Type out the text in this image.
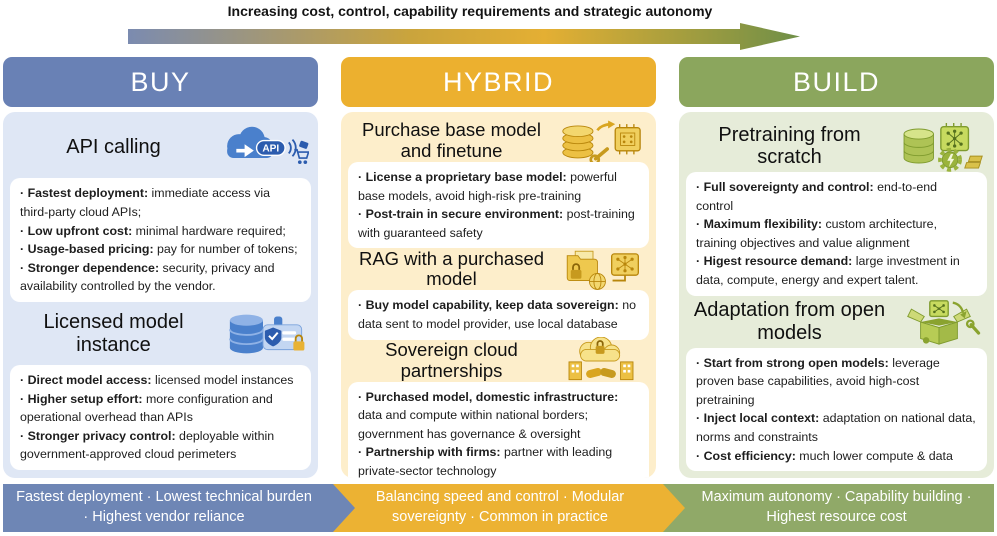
Increasing cost, control, capability requirements and strategic autonomy
BUY
API calling	API

· Fastest deployment: immediate access via third-party cloud APIs;

· Low upfront cost: minimal hardware required;

· Usage-based pricing: pay for number of tokens;

· Stronger dependence: security, privacy and availability controlled by the vendor.

Licensed model instance

· Direct model access: licensed model instances

· Higher setup effort: more configuration and operational overhead than APIs

· Stronger privacy control: deployable within government-approved cloud perimeters

HYBRID
Purchase base model and finetune

· License a proprietary base model: powerful base models, avoid high-risk pre-training

· Post-train in secure environment: post-training with guaranteed safety

RAG with a purchased model

· Buy model capability, keep data sovereign: no data sent to model provider, use local database

Sovereign cloud partnerships

· Purchased model, domestic infrastructure: data and compute within national borders; government has governance & oversight

· Partnership with firms: partner with leading private-sector technology

BUILD
Pretraining from scratch

· Full sovereignty and control: end-to-end control

· Maximum flexibility: custom architecture, training objectives and value alignment

· Higest resource demand: large investment in data, compute, energy and expert talent.

Adaptation from open models

· Start from strong open models: leverage proven base capabilities, avoid high-cost pretraining

· Inject local context: adaptation on national data, norms and constraints

· Cost efficiency: much lower compute & data

Fastest deployment · Lowest technical burden · Highest vendor reliance
Balancing speed and control · Modular sovereignty · Common in practice
Maximum autonomy · Capability building · Highest resource cost
